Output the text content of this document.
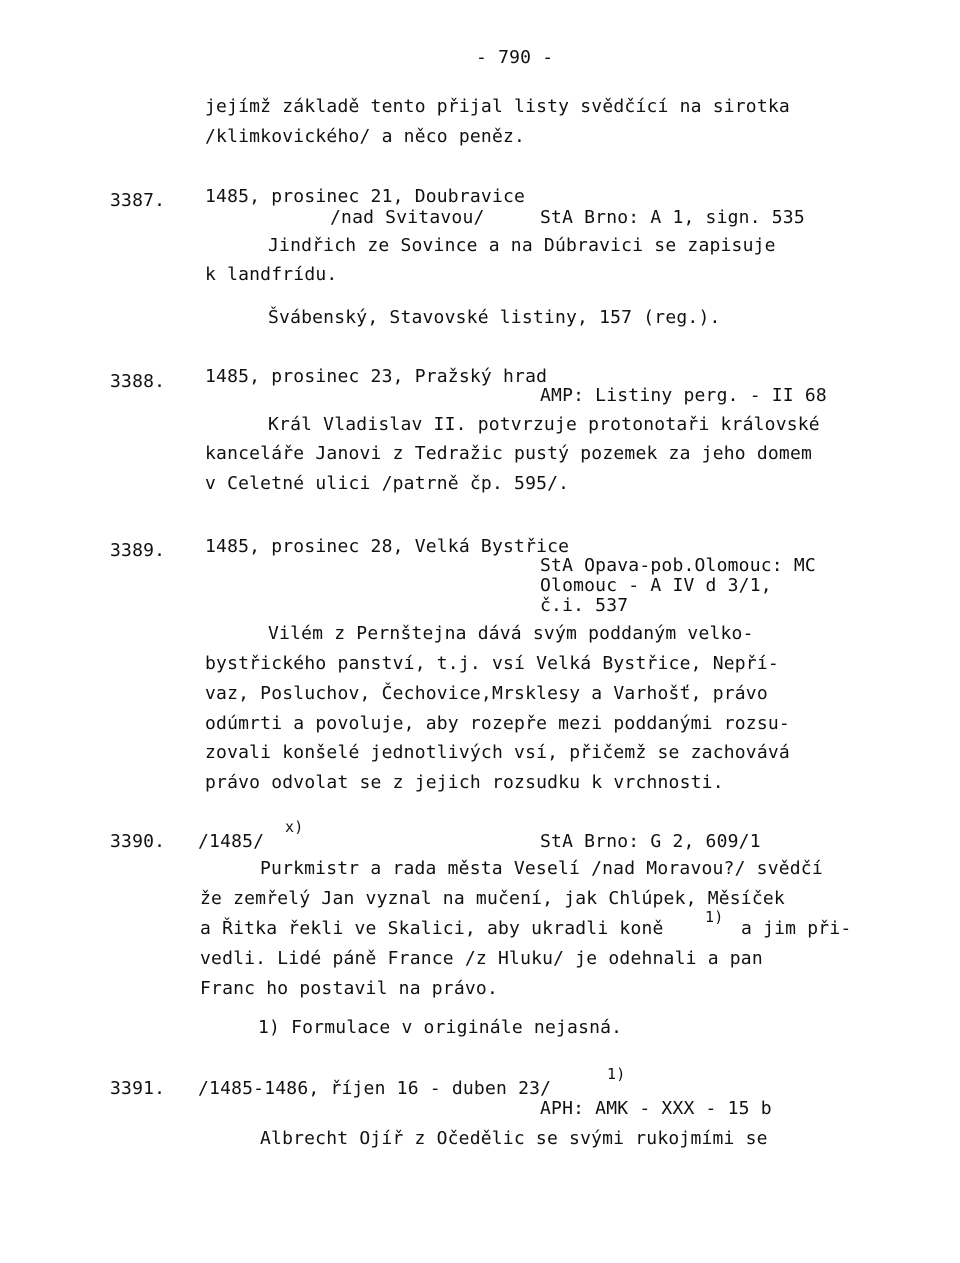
- 790 -
jejímž základě tento přijal listy svědčící na sirotka
/klimkovického/ a něco peněz.
3387. 1485, prosinec 21, Doubravice
/nad Svitavou/	StA Brno: A 1, sign. 535
Jindřich ze Sovince a na Dúbravici se zapisuje
k landfrídu.
Švábenský, Stavovské listiny, 157 (reg.).
3388. 1485, prosinec 23, Pražský hrad
AMP: Listiny perg. - II 68
Král Vladislav II. potvrzuje protonotaři královské
kanceláře Janovi z Tedražic pustý pozemek za jeho domem
v Celetné ulici /patrně čp. 595/.
3389. 1485, prosinec 28, Velká Bystřice
StA Opava-pob.Olomouc: MC
Olomouc - A IV d 3/1,
č.i. 537
Vilém z Pernštejna dává svým poddaným velko-
bystřického panství, t.j. vsí Velká Bystřice, Nepří-
vaz, Posluchov, Čechovice,Mrsklesy a Varhošť, právo
odúmrti a povoluje, aby rozepře mezi poddanými rozsu-
zovali konšelé jednotlivých vsí, přičemž se zachovává
právo odvolat se z jejich rozsudku k vrchnosti.
3390. /1485/
x)
StA Brno: G 2, 609/1
Purkmistr a rada města Veselí /nad Moravou?/ svědčí
že zemřelý Jan vyznal na mučení, jak Chlúpek, Měsíček
a Řitka řekli ve Skalici, aby ukradli koně
1)
a jim při-
vedli. Lidé páně France /z Hluku/ je odehnali a pan
Franc ho postavil na právo.
1) Formulace v originále nejasná.
3391. /1485-1486, říjen 16 - duben 23/
1)
APH: AMK - XXX - 15 b
Albrecht Ojíř z Očedělic se svými rukojmími se
